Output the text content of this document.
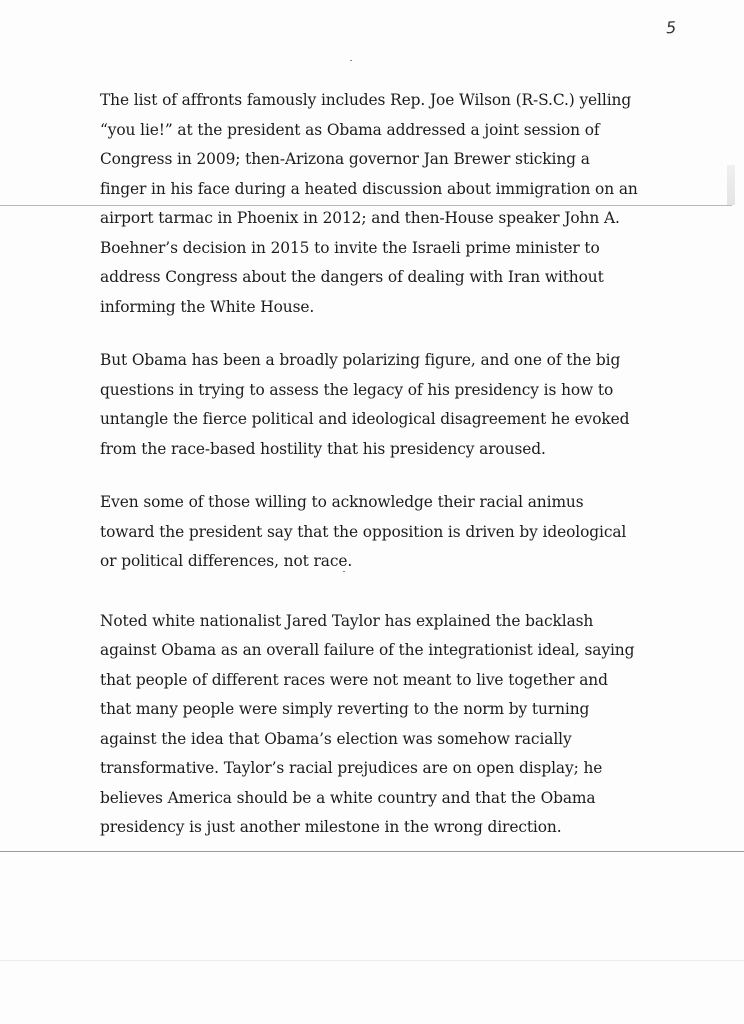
5

The list of affronts famously includes Rep. Joe Wilson (R-S.C.) yelling “you lie!” at the president as Obama addressed a joint session of Congress in 2009; then-Arizona governor Jan Brewer sticking a finger in his face during a heated discussion about immigration on an airport tarmac in Phoenix in 2012; and then-House speaker John A. Boehner’s decision in 2015 to invite the Israeli prime minister to address Congress about the dangers of dealing with Iran without informing the White House.

But Obama has been a broadly polarizing figure, and one of the big questions in trying to assess the legacy of his presidency is how to untangle the fierce political and ideological disagreement he evoked from the race-based hostility that his presidency aroused.

Even some of those willing to acknowledge their racial animus toward the president say that the opposition is driven by ideological or political differences, not race.

Noted white nationalist Jared Taylor has explained the backlash against Obama as an overall failure of the integrationist ideal, saying that people of different races were not meant to live together and that many people were simply reverting to the norm by turning against the idea that Obama’s election was somehow racially transformative. Taylor’s racial prejudices are on open display; he believes America should be a white country and that the Obama presidency is just another milestone in the wrong direction.
